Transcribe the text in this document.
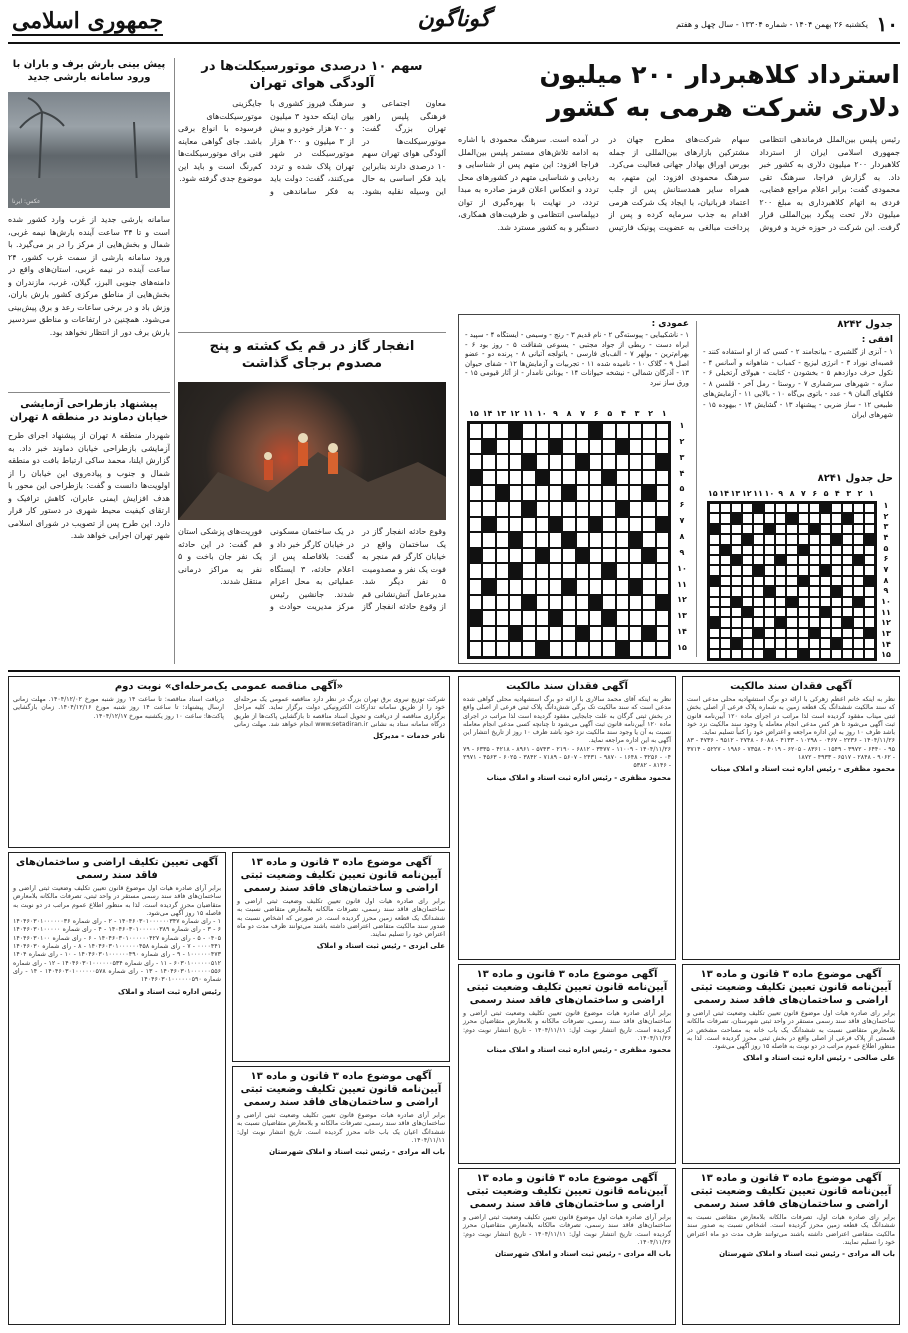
۱۰
یکشنبه ۲۶ بهمن ۱۴۰۴ - شماره ۱۳۳۰۴ - سال چهل و هفتم
گوناگون
جمهوری اسلامی
استرداد کلاهبردار ۲۰۰ میلیون دلاری شرکت هرمی به کشور
رئیس پلیس بین‌الملل فرماندهی انتظامی جمهوری اسلامی ایران از استرداد کلاهبردار ۲۰۰ میلیون دلاری به کشور خبر داد. به گزارش فراجا، سرهنگ تقی محمودی گفت: برابر اعلام مراجع قضایی، فردی به اتهام کلاهبرداری به مبلغ ۲۰۰ میلیون دلار تحت پیگرد بین‌المللی قرار گرفت. این شرکت در حوزه خرید و فروش سهام شرکت‌های مطرح جهان در مشترکین بازارهای بین‌المللی از جمله بورس اوراق بهادار جهانی فعالیت می‌کرد. سرهنگ محمودی افزود: این متهم، به همراه سایر همدستانش پس از جلب اعتماد قربانیان، با ایجاد یک شرکت هرمی اقدام به جذب سرمایه کرده و پس از پرداخت مبالغی به عضویت پونیک فارتیس در آمده است. سرهنگ محمودی با اشاره به ادامه تلاش‌های مستمر پلیس بین‌الملل فراجا افزود: این متهم پس از شناسایی و ردیابی و شناسایی متهم در کشورهای محل تردد و انعکاس اعلان قرمز صادره به مبدا تردد، در نهایت با بهره‌گیری از توان دیپلماسی انتظامی و ظرفیت‌های همکاری، دستگیر و به کشور مسترد شد.
جدول ۸۲۴۲
افقی :
۱ - آنزی از گلشیری - بیانجامند ۲ - کسی که از او استفاده کنند - قصبه‌ای نوراد ۳ - انرژی لیزیج - کمباب - شاهوانه و آسانس ۴ - نکول حرف دوازدهم ۵ - بخشودن - کتابت - هیولای آرتخیلی ۶ - سازه - شهرهای سرشماری ۷ - روستا - رمل آخر - قلمس ۸ - فکلهای آلمان ۹ - عدد - باتوی بی‌گاه ۱۰ - بالایی ۱۱ - آزمایش‌های طبیعی ۱۲ - ساز ضربی - پیشنهاد ۱۳ - گشایش ۱۴ - بیهوده ۱۵ - شهرهای ایران
حل جدول ۸۲۴۱
۱
۲
۳
۴
۵
۶
۷
۸
۹
۱۰
۱۱
۱۲
۱۳
۱۴
۱۵
۱
۲
۳
۴
۵
۶
۷
۸
۹
۱۰
۱۱
۱۲
۱۳
۱۴
۱۵
عمودی :
۱ - ناشکیبایی - پیوسته‌گی ۲ - نام قدیم ۳ - رنج - وسیمی - ایستگاه ۴ - سپید - ابراه دست - ربطی از جواد مجتبی - یسوعی شقاقت ۵ - روز بود ۶ - بهرام‌ترین - بولهر ۷ - الف‌بای فارسی - یاتولجه آتیانی ۸ - پرنده دو - عضو اصل ۹ - گلاک ۱۰ - نامیده شده ۱۱ - تجربیات و آزمایش‌ها ۱۲ - شفای حیوان ۱۳ - آذرگان شمالی - نیشخه حیوانات ۱۴ - یونانی نامدار - از آثار قیومی ۱۵ - ورق ساز نبرد
۱
۲
۳
۴
۵
۶
۷
۸
۹
۱۰
۱۱
۱۲
۱۳
۱۴
۱۵
۱
۲
۳
۴
۵
۶
۷
۸
۹
۱۰
۱۱
۱۲
۱۳
۱۴
۱۵
سهم ۱۰ درصدی موتورسیکلت‌ها در آلودگی هوای تهران
معاون اجتماعی و فرهنگی پلیس راهور تهران بزرگ گفت: موتورسیکلت‌ها در آلودگی هوای تهران سهم ۱۰ درصدی دارند بنابراین باید فکر اساسی به حال این وسیله نقلیه بشود. سرهنگ فیروز کشوری با بیان اینکه حدود ۳ میلیون و ۷۰۰ هزار خودرو و بیش از ۳ میلیون و ۲۰۰ هزار موتورسیکلت در شهر تهران پلاک شده و تردد می‌کنند، گفت: دولت باید به فکر ساماندهی و جایگزینی موتورسیکلت‌های فرسوده با انواع برقی باشد. جای گواهی معاینه فنی برای موتورسیکلت‌ها کم‌رنگ است و باید این موضوع جدی گرفته شود.
انفجار گاز در قم یک کشته و پنج مصدوم برجای گذاشت
وقوع حادثه انفجار گاز در یک ساختمان واقع در خیابان کارگر قم منجر به فوت یک نفر و مصدومیت ۵ نفر دیگر شد. مدیرعامل آتش‌نشانی قم از وقوع حادثه انفجار گاز در یک ساختمان مسکونی در خیابان کارگر خبر داد و گفت: بلافاصله پس از اعلام حادثه، ۳ ایستگاه عملیاتی به محل اعزام شدند. جانشین رئیس مرکز مدیریت حوادث و فوریت‌های پزشکی استان قم گفت: در این حادثه یک نفر جان باخت و ۵ نفر به مراکز درمانی منتقل شدند.
پیش بینی بارش برف و باران با ورود سامانه بارشی جدید
عکس: ایرنا
سامانه بارشی جدید از غرب وارد کشور شده است و تا ۳۴ ساعت آینده بارش‌ها نیمه غربی، شمال و بخش‌هایی از مرکز را در بر می‌گیرد. با ورود سامانه بارشی از سمت غرب کشور، ۲۴ ساعت آینده در نیمه غربی، استان‌های واقع در دامنه‌های جنوبی البرز، گیلان، غرب، مازندران و بخش‌هایی از مناطق مرکزی کشور بارش باران، وزش باد و در برخی ساعات رعد و برق پیش‌بینی می‌شود. همچنین در ارتفاعات و مناطق سردسیر بارش برف دور از انتظار نخواهد بود.
پیشنهاد بازطراحی آزمایشی خیابان دماوند در منطقه ۸ تهران
شهردار منطقه ۸ تهران از پیشنهاد اجرای طرح آزمایشی بازطراحی خیابان دماوند خبر داد. به گزارش ایلنا، محمد ساکی ارتباط بافت دو منطقه شمال و جنوب و پیاده‌روی این خیابان را از اولویت‌ها دانست و گفت: بازطراحی این محور با هدف افزایش ایمنی عابران، کاهش ترافیک و ارتقای کیفیت محیط شهری در دستور کار قرار دارد. این طرح پس از تصویب در شورای اسلامی شهر تهران اجرایی خواهد شد.
آگهی فقدان سند مالکیت
نظر به اینکه خانم اعظم زهرکی با ارائه دو برگ استشهادیه محلی مدعی است که سند مالکیت ششدانگ یک قطعه زمین به شماره پلاک فرعی از اصلی بخش ثبتی میناب مفقود گردیده است لذا مراتب در اجرای ماده ۱۲۰ آیین‌نامه قانون ثبت آگهی می‌شود تا هر کس مدعی انجام معامله یا وجود سند مالکیت نزد خود باشد ظرف ۱۰ روز به این اداره مراجعه و اعتراض خود را کتباً تسلیم نماید.
۱۴۰۴/۱۱/۲۶ - ۲۲۳۶ - ۰۴۶۷ - ۱۰۲۹۸ - ۴۱۳۳ - ۶۰۸۸ - ۲۷۴۸ - ۹۵۱۲ - ۴۷۳۶ - ۸۳۹۵ - ۶۴۴۰ - ۳۹۷۲ - ۱۵۴۹ - ۸۳۶۱ - ۶۲۰۵ - ۴۰۱۹ - ۷۳۵۸ - ۱۹۸۶ - ۵۲۲۷ - ۳۷۱۴ - ۹۰۶۲ - ۲۸۴۸ - ۶۵۱۷ - ۴۹۳۳ - ۱۸۷۲
محمود مظفری - رئیس اداره ثبت اسناد و املاک میناب
آگهی فقدان سند مالکیت
نظر به اینکه آقای محمد سالاری با ارائه دو برگ استشهادیه محلی گواهی شده مدعی است که سند مالکیت تک برگی شش‌دانگ پلاک ثبتی فرعی از اصلی واقع در بخش ثبتی گرگان به علت جابجایی مفقود گردیده است لذا مراتب در اجرای ماده ۱۲۰ آیین‌نامه قانون ثبت آگهی می‌شود تا چنانچه کسی مدعی انجام معامله نسبت به آن یا وجود سند مالکیت نزد خود باشد ظرف ۱۰ روز از تاریخ انتشار این آگهی به این اداره مراجعه نماید.
۱۴۰۴/۱۱/۲۶ - ۱۱۰۰۹ - ۳۴۷۷ - ۶۸۱۲ - ۲۱۹۰ - ۵۷۴۳ - ۸۹۶۱ - ۴۲۱۸ - ۶۳۳۵ - ۷۹۰۴ - ۳۲۵۶ - ۱۶۴۸ - ۹۸۷۰ - ۲۴۳۱ - ۵۶۰۷ - ۷۱۸۹ - ۳۸۴۲ - ۶۰۲۵ - ۴۵۶۳ - ۲۹۷۱ - ۸۱۴۶ - ۵۳۸۲
محمود مظفری - رئیس اداره ثبت اسناد و املاک میناب
«آگهی مناقصه عمومی یک‌مرحله‌ای» نوبت دوم
شرکت توزیع نیروی برق تهران بزرگ در نظر دارد مناقصه عمومی یک مرحله‌ای خود را از طریق سامانه تدارکات الکترونیکی دولت برگزار نماید. کلیه مراحل برگزاری مناقصه از دریافت و تحویل اسناد مناقصه تا بازگشایی پاکت‌ها از طریق درگاه سامانه ستاد به نشانی www.setadiran.ir انجام خواهد شد. مهلت زمانی دریافت اسناد مناقصه: تا ساعت ۱۴ روز شنبه مورخ ۱۴۰۴/۱۲/۰۲. مهلت زمانی ارسال پیشنهاد: تا ساعت ۱۴ روز شنبه مورخ ۱۴۰۴/۱۲/۱۶. زمان بازگشایی پاکت‌ها: ساعت ۱۰ روز یکشنبه مورخ ۱۴۰۴/۱۲/۱۷.
نادر خدمات - مدیرکل
آگهی موضوع ماده ۳ قانون و ماده ۱۳ آیین‌نامه قانون تعیین تکلیف وضعیت ثبتی اراضی و ساختمان‌های فاقد سند رسمی
برابر رای صادره هیات اول موضوع قانون تعیین تکلیف وضعیت ثبتی اراضی و ساختمان‌های فاقد سند رسمی مستقر در واحد ثبتی شهرستان، تصرفات مالکانه بلامعارض متقاضی نسبت به ششدانگ یک باب خانه به مساحت مشخص در قسمتی از پلاک فرعی از اصلی واقع در بخش ثبتی محرز گردیده است. لذا به منظور اطلاع عموم مراتب در دو نوبت به فاصله ۱۵ روز آگهی می‌شود.
علی صالحی - رئیس اداره ثبت اسناد و املاک
آگهی موضوع ماده ۳ قانون و ماده ۱۳ آیین‌نامه قانون تعیین تکلیف وضعیت ثبتی اراضی و ساختمان‌های فاقد سند رسمی
برابر آرای صادره هیات موضوع قانون تعیین تکلیف وضعیت ثبتی اراضی و ساختمان‌های فاقد سند رسمی، تصرفات مالکانه و بلامعارض متقاضیان محرز گردیده است. تاریخ انتشار نوبت اول: ۱۴۰۴/۱۱/۱۱ - تاریخ انتشار نوبت دوم: ۱۴۰۴/۱۱/۲۶.
محمود مظفری - رئیس اداره ثبت اسناد و املاک میناب
آگهی موضوع ماده ۳ قانون و ماده ۱۳ آیین‌نامه قانون تعیین تکلیف وضعیت ثبتی اراضی و ساختمان‌های فاقد سند رسمی
برابر رای صادره هیات اول قانون تعیین تکلیف وضعیت ثبتی اراضی و ساختمان‌های فاقد سند رسمی، تصرفات مالکانه بلامعارض متقاضی نسبت به ششدانگ یک قطعه زمین محرز گردیده است. در صورتی که اشخاص نسبت به صدور سند مالکیت متقاضی اعتراضی داشته باشند می‌توانند ظرف مدت دو ماه اعتراض خود را تسلیم نمایند.
علی ایزدی - رئیس ثبت اسناد و املاک
آگهی تعیین تکلیف اراضی و ساختمان‌های فاقد سند رسمی
برابر آرای صادره هیات اول موضوع قانون تعیین تکلیف وضعیت ثبتی اراضی و ساختمان‌های فاقد سند رسمی مستقر در واحد ثبتی، تصرفات مالکانه بلامعارض متقاضیان محرز گردیده است. لذا به منظور اطلاع عموم مراتب در دو نوبت به فاصله ۱۵ روز آگهی می‌شود.
۱ - رای شماره ۱۴۰۴۶۰۳۰۱۰۰۰۰۰۰۳۴۷ - ۲ - رای شماره ۱۴۰۴۶۰۳۰۱۰۰۰۰۰۰۳۶۶ - ۳ - رای شماره ۱۴۰۴۶۰۳۰۱۰۰۰۰۰۰۳۸۹ - ۴ - رای شماره ۱۴۰۴۶۰۳۰۱۰۰۰۰۰۰۴۰۵ - ۵ - رای شماره ۱۴۰۴۶۰۳۰۱۰۰۰۰۰۰۴۲۷ - ۶ - رای شماره ۱۴۰۴۶۰۳۰۱۰۰۰۰۰۰۴۴۱ - ۷ - رای شماره ۱۴۰۴۶۰۳۰۱۰۰۰۰۰۰۴۵۸ - ۸ - رای شماره ۱۴۰۴۶۰۳۰۱۰۰۰۰۰۰۴۷۳ - ۹ - رای شماره ۱۴۰۴۶۰۳۰۱۰۰۰۰۰۰۴۹۰ - ۱۰ - رای شماره ۱۴۰۴۶۰۳۰۱۰۰۰۰۰۰۵۱۲ - ۱۱ - رای شماره ۱۴۰۴۶۰۳۰۱۰۰۰۰۰۰۵۳۴ - ۱۲ - رای شماره ۱۴۰۴۶۰۳۰۱۰۰۰۰۰۰۵۵۶ - ۱۳ - رای شماره ۱۴۰۴۶۰۳۰۱۰۰۰۰۰۰۵۷۸ - ۱۴ - رای شماره ۱۴۰۴۶۰۳۰۱۰۰۰۰۰۰۵۹۰
رئیس اداره ثبت اسناد و املاک
آگهی موضوع ماده ۳ قانون و ماده ۱۳ آیین‌نامه قانون تعیین تکلیف وضعیت ثبتی اراضی و ساختمان‌های فاقد سند رسمی
برابر آرای صادره هیات موضوع قانون تعیین تکلیف وضعیت ثبتی اراضی و ساختمان‌های فاقد سند رسمی، تصرفات مالکانه و بلامعارض متقاضیان نسبت به ششدانگ اعیان یک باب خانه محرز گردیده است. تاریخ انتشار نوبت اول: ۱۴۰۴/۱۱/۱۱.
باب اله مرادی - رئیس ثبت اسناد و املاک شهرستان
آگهی موضوع ماده ۳ قانون و ماده ۱۳ آیین‌نامه قانون تعیین تکلیف وضعیت ثبتی اراضی و ساختمان‌های فاقد سند رسمی
برابر رای صادره هیات اول، تصرفات مالکانه بلامعارض متقاضی نسبت به ششدانگ یک قطعه زمین محرز گردیده است. اشخاص نسبت به صدور سند مالکیت متقاضی اعتراضی داشته باشند می‌توانند ظرف مدت دو ماه اعتراض خود را تسلیم نمایند.
باب اله مرادی - رئیس ثبت اسناد و املاک شهرستان
آگهی موضوع ماده ۳ قانون و ماده ۱۳ آیین‌نامه قانون تعیین تکلیف وضعیت ثبتی اراضی و ساختمان‌های فاقد سند رسمی
برابر آرای صادره هیات اول موضوع قانون تعیین تکلیف وضعیت ثبتی اراضی و ساختمان‌های فاقد سند رسمی، تصرفات مالکانه بلامعارض متقاضیان محرز گردیده است. تاریخ انتشار نوبت اول: ۱۴۰۴/۱۱/۱۱ - تاریخ انتشار نوبت دوم: ۱۴۰۴/۱۱/۲۶.
باب اله مرادی - رئیس ثبت اسناد و املاک شهرستان
